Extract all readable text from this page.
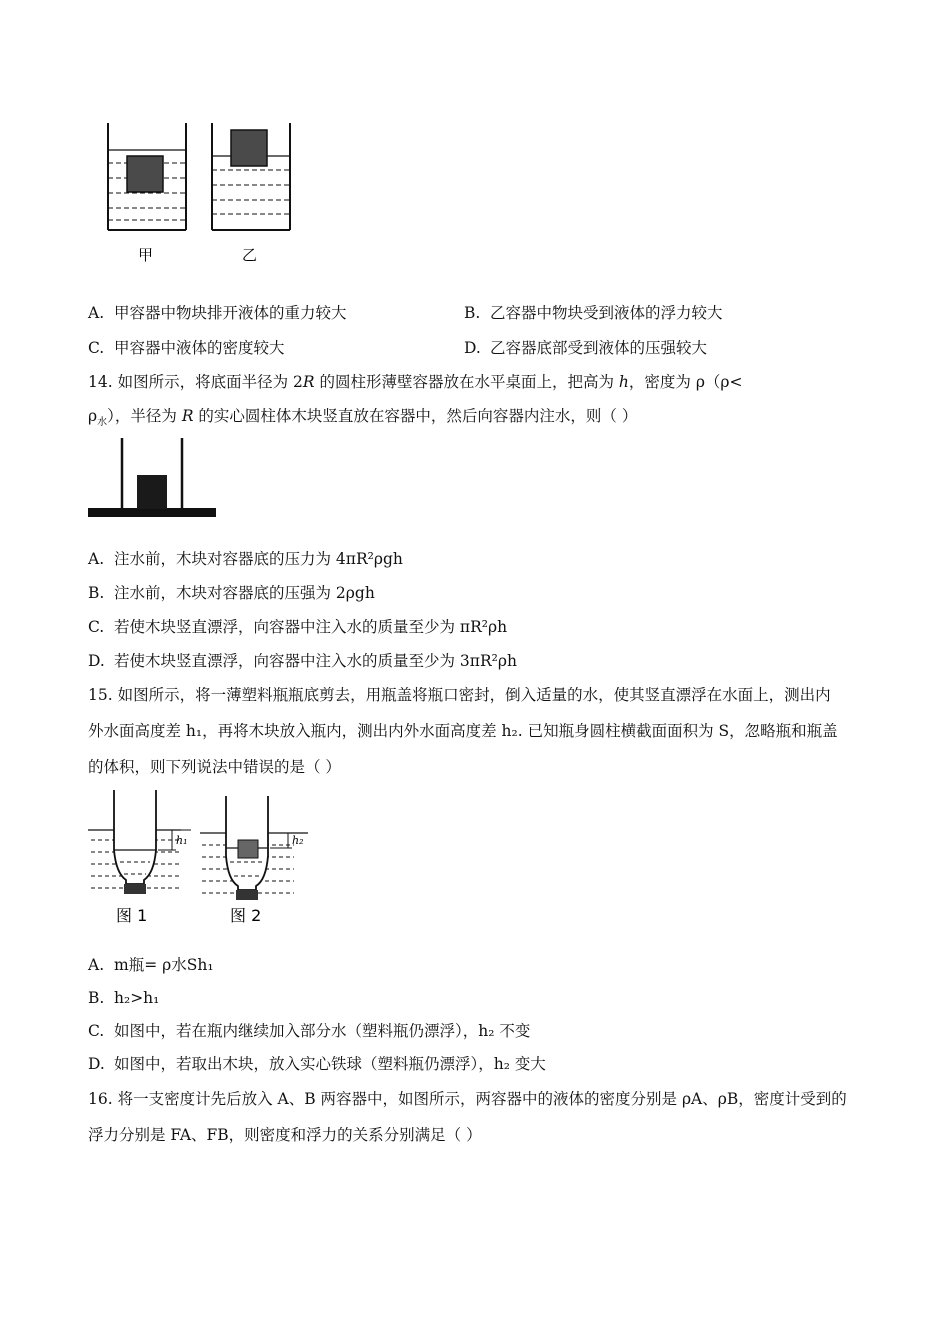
甲	乙
A. 甲容器中物块排开液体的重力较大	B. 乙容器中物块受到液体的浮力较大
C. 甲容器中液体的密度较大	D. 乙容器底部受到液体的压强较大
14. 如图所示，将底面半径为 2R 的圆柱形薄壁容器放在水平桌面上，把高为 h，密度为 ρ（ρ<
$\rho_水$），半径为 R 的实心圆柱体木块竖直放在容器中，然后向容器内注水，则（ ）
A. 注水前，木块对容器底的压力为 4πR²ρgh
B. 注水前，木块对容器底的压强为 2ρgh
C. 若使木块竖直漂浮，向容器中注入水的质量至少为 πR²ρh
D. 若使木块竖直漂浮，向容器中注入水的质量至少为 3πR²ρh
15. 如图所示，将一薄塑料瓶瓶底剪去，用瓶盖将瓶口密封，倒入适量的水，使其竖直漂浮在水面上，测出内
外水面高度差 h₁，再将木块放入瓶内，测出内外水面高度差 h₂. 已知瓶身圆柱横截面面积为 S，忽略瓶和瓶盖
的体积，则下列说法中错误的是（ ）
h₁
图 1
h₂
图 2
A. m瓶= ρ水Sh₁
B. h₂>h₁
C. 如图中，若在瓶内继续加入部分水（塑料瓶仍漂浮），h₂ 不变
D. 如图中，若取出木块，放入实心铁球（塑料瓶仍漂浮），h₂ 变大
16. 将一支密度计先后放入 A、B 两容器中，如图所示，两容器中的液体的密度分别是 ρA、ρB，密度计受到的
浮力分别是 FA、FB，则密度和浮力的关系分别满足（ ）
